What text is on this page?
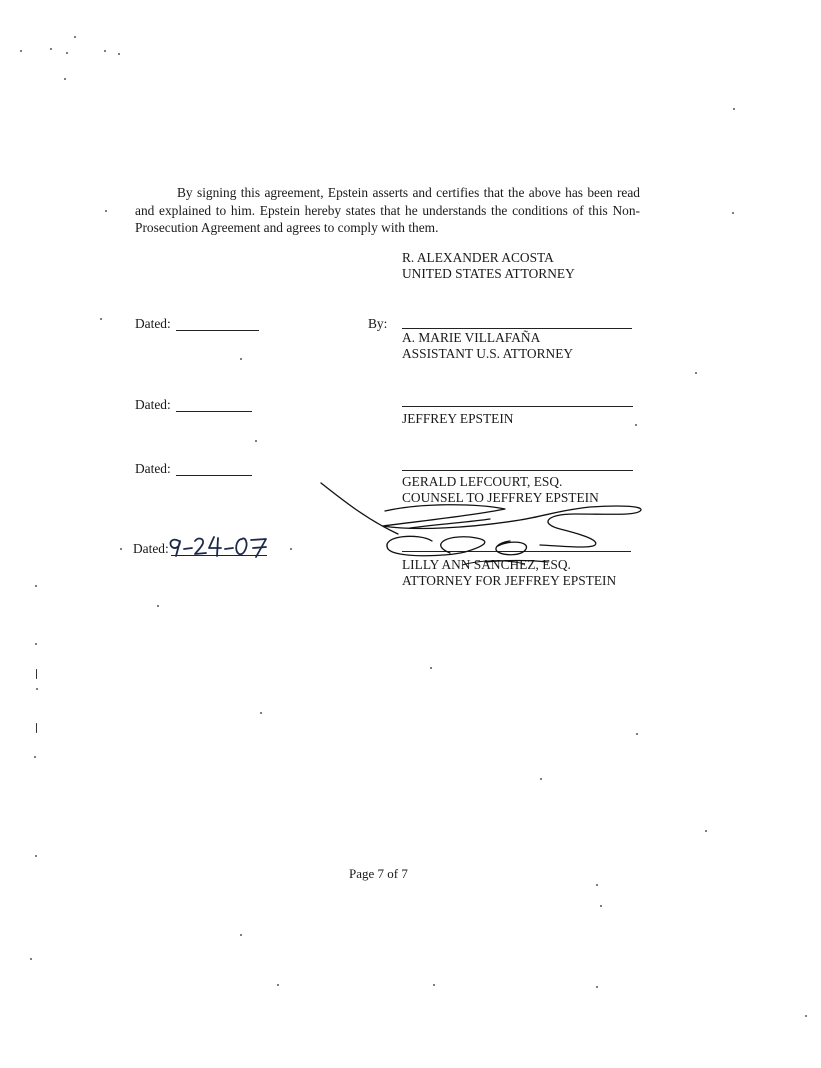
By signing this agreement, Epstein asserts and certifies that the above has been read and explained to him. Epstein hereby states that he understands the conditions of this Non-Prosecution Agreement and agrees to comply with them.

R. ALEXANDER ACOSTA
UNITED STATES ATTORNEY
Dated:	By:
A. MARIE VILLAFAÑA
ASSISTANT U.S. ATTORNEY
Dated:
JEFFREY EPSTEIN
Dated:
GERALD LEFCOURT, ESQ.
COUNSEL TO JEFFREY EPSTEIN
Dated:
LILLY ANN SANCHEZ, ESQ.
ATTORNEY FOR JEFFREY EPSTEIN
Page 7 of 7
